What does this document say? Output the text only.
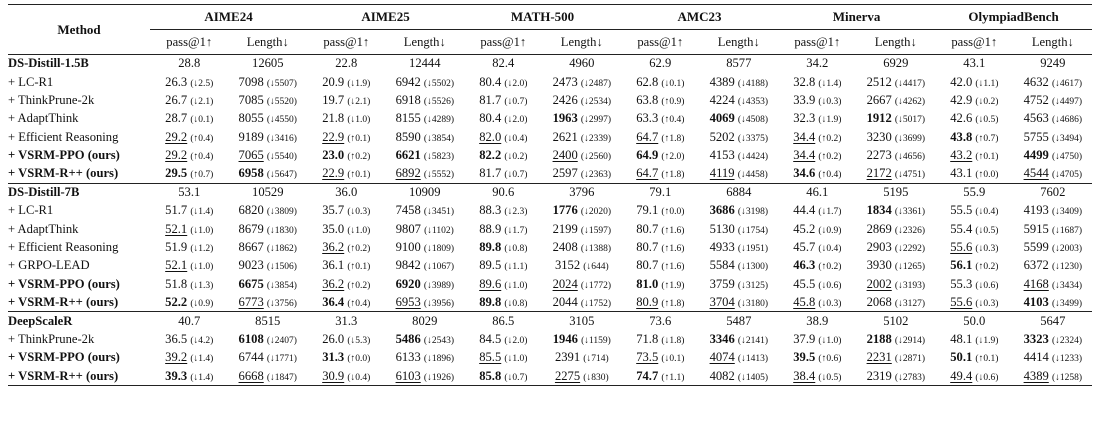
Method	AIME24		AIME25		MATH-500		AMC23		Minerva		OlympiadBench	
	pass@1↑	Length↓	pass@1↑	Length↓	pass@1↑	Length↓	pass@1↑	Length↓	pass@1↑	Length↓	pass@1↑	Length↓
DS-Distill-1.5B	28.8	12605	22.8	12444	82.4	4960	62.9	8577	34.2	6929	43.1	9249
+ LC-R1	26.3 (↓2.5)	7098 (↓5507)	20.9 (↓1.9)	6942 (↓5502)	80.4 (↓2.0)	2473 (↓2487)	62.8 (↓0.1)	4389 (↓4188)	32.8 (↓1.4)	2512 (↓4417)	42.0 (↓1.1)	4632 (↓4617)
+ ThinkPrune-2k	26.7 (↓2.1)	7085 (↓5520)	19.7 (↓2.1)	6918 (↓5526)	81.7 (↓0.7)	2426 (↓2534)	63.8 (↑0.9)	4224 (↓4353)	33.9 (↓0.3)	2667 (↓4262)	42.9 (↓0.2)	4752 (↓4497)
+ AdaptThink	28.7 (↓0.1)	8055 (↓4550)	21.8 (↓1.0)	8155 (↓4289)	80.4 (↓2.0)	1963 (↓2997)	63.3 (↑0.4)	4069 (↓4508)	32.3 (↓1.9)	1912 (↓5017)	42.6 (↓0.5)	4563 (↓4686)
+ Efficient Reasoning	29.2 (↑0.4)	9189 (↓3416)	22.9 (↑0.1)	8590 (↓3854)	82.0 (↓0.4)	2621 (↓2339)	64.7 (↑1.8)	5202 (↓3375)	34.4 (↑0.2)	3230 (↓3699)	43.8 (↑0.7)	5755 (↓3494)
+ VSRM-PPO (ours)	29.2 (↑0.4)	7065 (↓5540)	23.0 (↑0.2)	6621 (↓5823)	82.2 (↓0.2)	2400 (↓2560)	64.9 (↑2.0)	4153 (↓4424)	34.4 (↑0.2)	2273 (↓4656)	43.2 (↑0.1)	4499 (↓4750)
+ VSRM-R++ (ours)	29.5 (↑0.7)	6958 (↓5647)	22.9 (↑0.1)	6892 (↓5552)	81.7 (↓0.7)	2597 (↓2363)	64.7 (↑1.8)	4119 (↓4458)	34.6 (↑0.4)	2172 (↓4751)	43.1 (↑0.0)	4544 (↓4705)
DS-Distill-7B	53.1	10529	36.0	10909	90.6	3796	79.1	6884	46.1	5195	55.9	7602
+ LC-R1	51.7 (↓1.4)	6820 (↓3809)	35.7 (↓0.3)	7458 (↓3451)	88.3 (↓2.3)	1776 (↓2020)	79.1 (↑0.0)	3686 (↓3198)	44.4 (↓1.7)	1834 (↓3361)	55.5 (↓0.4)	4193 (↓3409)
+ AdaptThink	52.1 (↓1.0)	8679 (↓1830)	35.0 (↓1.0)	9807 (↓1102)	88.9 (↓1.7)	2199 (↓1597)	80.7 (↑1.6)	5130 (↓1754)	45.2 (↓0.9)	2869 (↓2326)	55.4 (↓0.5)	5915 (↓1687)
+ Efficient Reasoning	51.9 (↓1.2)	8667 (↓1862)	36.2 (↑0.2)	9100 (↓1809)	89.8 (↓0.8)	2408 (↓1388)	80.7 (↑1.6)	4933 (↓1951)	45.7 (↓0.4)	2903 (↓2292)	55.6 (↓0.3)	5599 (↓2003)
+ GRPO-LEAD	52.1 (↓1.0)	9023 (↓1506)	36.1 (↑0.1)	9842 (↓1067)	89.5 (↓1.1)	3152 (↓644)	80.7 (↑1.6)	5584 (↓1300)	46.3 (↑0.2)	3930 (↓1265)	56.1 (↑0.2)	6372 (↓1230)
+ VSRM-PPO (ours)	51.8 (↓1.3)	6675 (↓3854)	36.2 (↑0.2)	6920 (↓3989)	89.6 (↓1.0)	2024 (↓1772)	81.0 (↑1.9)	3759 (↓3125)	45.5 (↓0.6)	2002 (↓3193)	55.3 (↓0.6)	4168 (↓3434)
+ VSRM-R++ (ours)	52.2 (↓0.9)	6773 (↓3756)	36.4 (↑0.4)	6953 (↓3956)	89.8 (↓0.8)	2044 (↓1752)	80.9 (↑1.8)	3704 (↓3180)	45.8 (↓0.3)	2068 (↓3127)	55.6 (↓0.3)	4103 (↓3499)
DeepScaleR	40.7	8515	31.3	8029	86.5	3105	73.6	5487	38.9	5102	50.0	5647
+ ThinkPrune-2k	36.5 (↓4.2)	6108 (↓2407)	26.0 (↓5.3)	5486 (↓2543)	84.5 (↓2.0)	1946 (↓1159)	71.8 (↓1.8)	3346 (↓2141)	37.9 (↓1.0)	2188 (↓2914)	48.1 (↓1.9)	3323 (↓2324)
+ VSRM-PPO (ours)	39.2 (↓1.4)	6744 (↓1771)	31.3 (↑0.0)	6133 (↓1896)	85.5 (↓1.0)	2391 (↓714)	73.5 (↓0.1)	4074 (↓1413)	39.5 (↑0.6)	2231 (↓2871)	50.1 (↑0.1)	4414 (↓1233)
+ VSRM-R++ (ours)	39.3 (↓1.4)	6668 (↓1847)	30.9 (↓0.4)	6103 (↓1926)	85.8 (↓0.7)	2275 (↓830)	74.7 (↑1.1)	4082 (↓1405)	38.4 (↓0.5)	2319 (↓2783)	49.4 (↓0.6)	4389 (↓1258)
